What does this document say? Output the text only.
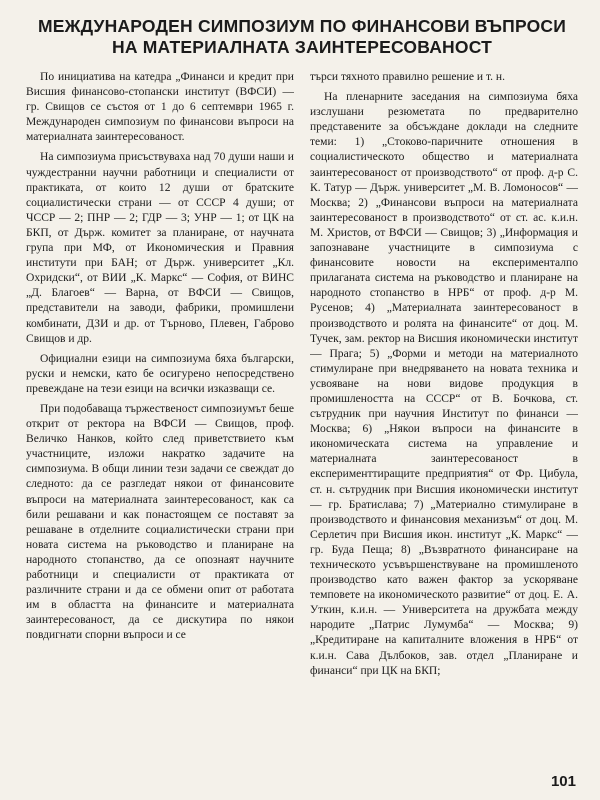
МЕЖДУНАРОДЕН СИМПОЗИУМ ПО ФИНАНСОВИ ВЪПРОСИ
НА МАТЕРИАЛНАТА ЗАИНТЕРЕСОВАНОСТ

По инициатива на катедра „Финанси и кредит при Висшия финансово-стопански институт (ВФСИ) — гр. Свищов се състоя от 1 до 6 септември 1965 г. Международен симпозиум по финансови въпроси на материалната заинтересованост.

На симпозиума присъствуваха над 70 души наши и чуждестранни научни работници и специалисти от практиката, от които 12 души от братските социалистически страни — от СССР 4 души; от ЧССР — 2; ПНР — 2; ГДР — 3; УНР — 1; от ЦК на БКП, от Държ. комитет за планиране, от научната група при МФ, от Икономическия и Правния институти при БАН; от Държ. университет „Кл. Охридски“, от ВИИ „К. Маркс“ — София, от ВИНС „Д. Благоев“ — Варна, от ВФСИ — Свищов, представители на заводи, фабрики, промишлени комбинати, ДЗИ и др. от Търново, Плевен, Габрово Свищов и др.

Официални езици на симпозиума бяха български, руски и немски, като бе осигурено непосредствено превеждане на тези езици на всички изказващи се.

При подобаваща тържественост симпозиумът беше открит от ректора на ВФСИ — Свищов, проф. Величко Нанков, който след приветствието към участниците, изложи накратко задачите на симпозиума. В общи линии тези задачи се свеждат до следното: да се разгледат някои от финансовите въпроси на материалната заинтересованост, как са били решавани и как понастоящем се поставят за решаване в отделните социалистически страни при новата система на ръководство и планиране на народното стопанство, да се опознаят научните работници и специалисти от практиката от различните страни и да се обмени опит от работата им в областта на финансите и материалната заинтересованост, да се дискутира по някои повдигнати спорни въпроси и се

търси тяхното правилно решение и т. н.

На пленарните заседания на симпозиума бяха изслушани резюметата по предварително представените за обсъждане доклади на следните теми: 1) „Стоково-паричните отношения в социалистическото общество и материалната заинтересованост от производството“ от проф. д-р С. К. Татур — Държ. университет „М. В. Ломоносов“ — Москва; 2) „Финансови въпроси на материалната заинтересованост в производството“ от ст. ас. к.и.н. М. Христов, от ВФСИ — Свищов; 3) „Информация и запознаване участниците в симпозиума с финансовите новости на експерименталпо прилаганата система на ръководство и планиране на народното стопанство в НРБ“ от проф. д-р М. Русенов; 4) „Материалната заинтересованост в производството и ролята на финансите“ от доц. М. Тучек, зам. ректор на Висшия икономически институт — Прага; 5) „Форми и методи на материалното стимулиране при внедряването на новата техника и усвояване на нови видове продукция в промишлеността на СССР“ от В. Бочкова, ст. сътрудник при научния Институт по финанси — Москва; 6) „Някои въпроси на финансите в икономическата система на управление и материалната заинтересованост в експерименттиращите предприятия“ от Фр. Цибула, ст. н. сътрудник при Висшия икономически институт — гр. Братислава; 7) „Материално стимулиране в производството и финансовия механизъм“ от доц. М. Серлетич при Висшия икон. институт „К. Маркс“ — гр. Буда Пеща; 8) „Възвратното финансиране на техническото усъвършенствуване на промишленото производство като важен фактор за ускоряване темповете на икономическото развитие“ от доц. Е. А. Уткин, к.и.н. — Университета на дружбата между народите „Патрис Лумумба“ — Москва; 9) „Кредитиране на капиталните вложения в НРБ“ от к.и.н. Сава Дълбоков, зав. отдел „Планиране и финанси“ при ЦК на БКП;

101
